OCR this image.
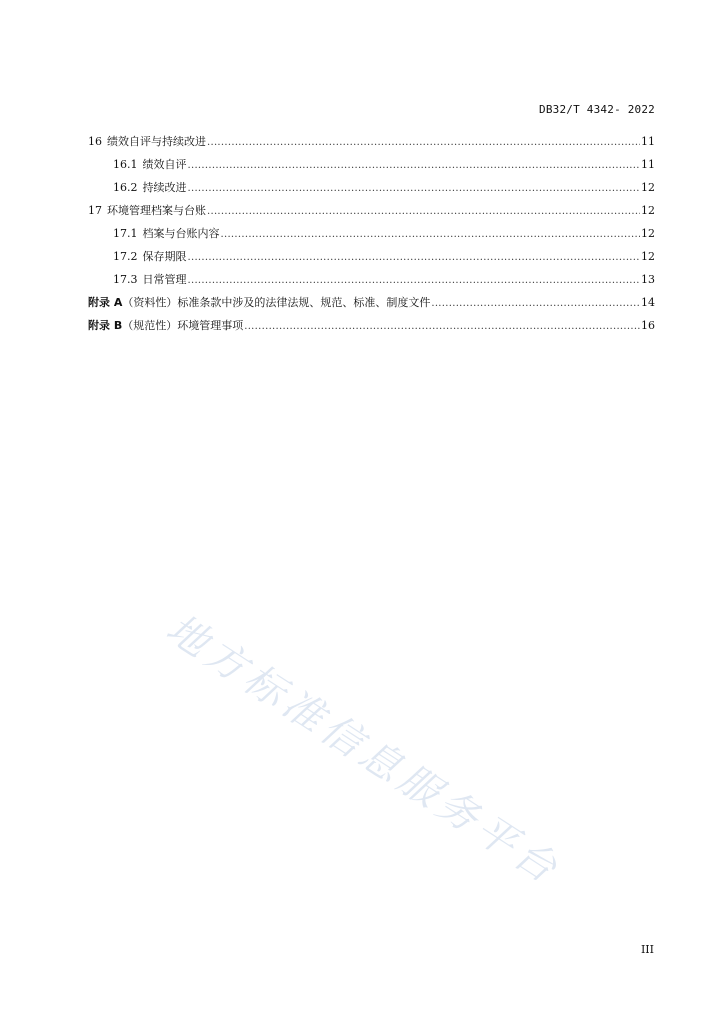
DB32/T 4342- 2022
16 绩效自评与持续改进 .....	11
16.1 绩效自评 .....	11
16.2 持续改进 .....	12
17 环境管理档案与台账 .....	12
17.1 档案与台账内容 .....	12
17.2 保存期限 .....	12
17.3 日常管理 .....	13
附录 A（资料性）标准条款中涉及的法律法规、规范、标准、制度文件 .....	14
附录 B（规范性）环境管理事项 .....	16
地方标准信息服务平台
III
